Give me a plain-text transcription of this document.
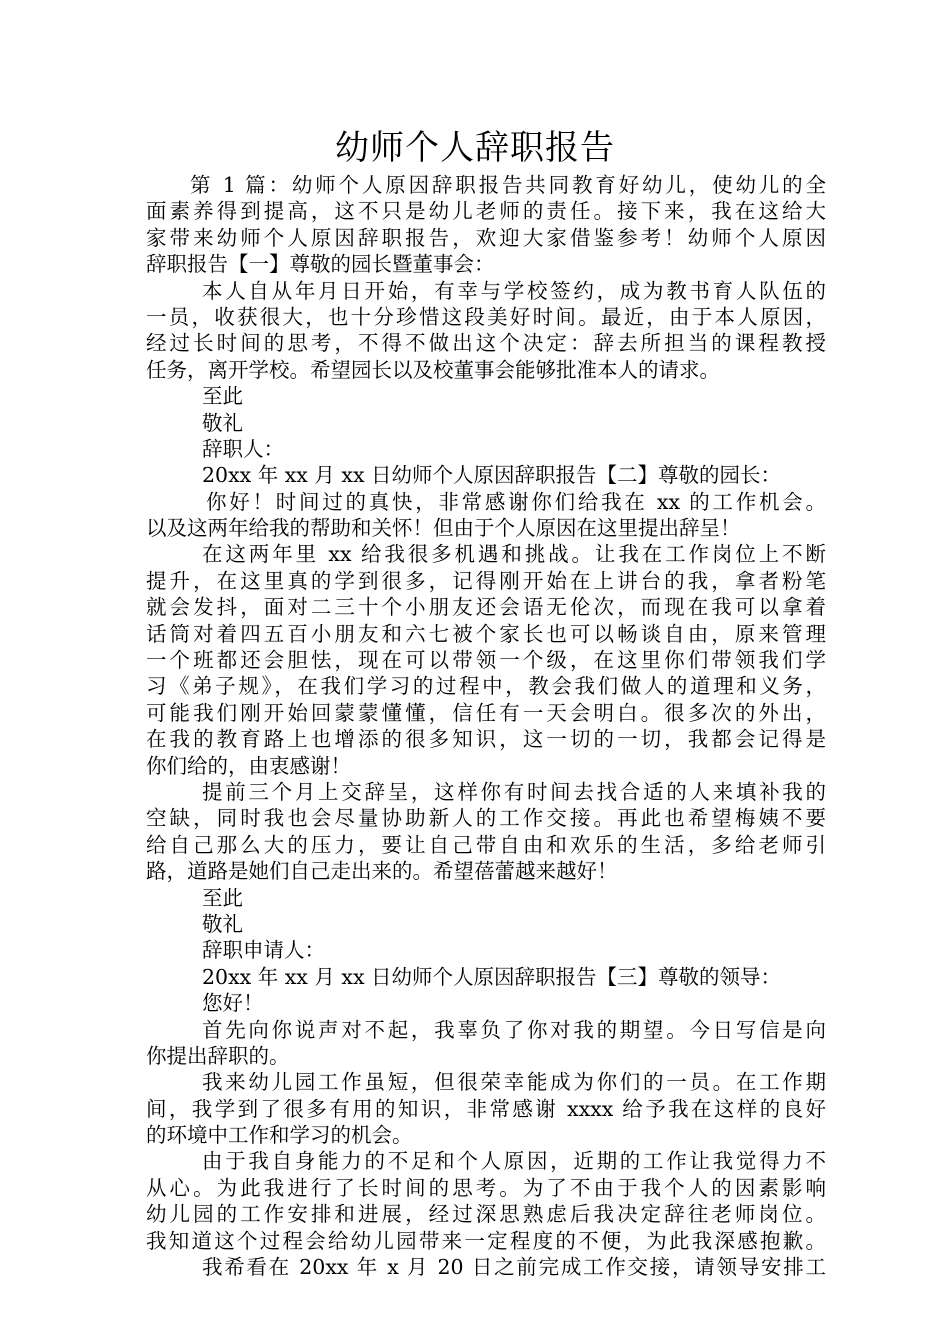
幼师个人辞职报告
第 1 篇：幼师个人原因辞职报告共同教育好幼儿，使幼儿的全
面素养得到提高，这不只是幼儿老师的责任。接下来，我在这给大
家带来幼师个人原因辞职报告，欢迎大家借鉴参考！幼师个人原因
辞职报告【一】尊敬的园长暨董事会：
本人自从年月日开始，有幸与学校签约，成为教书育人队伍的
一员，收获很大，也十分珍惜这段美好时间。最近，由于本人原因，
经过长时间的思考，不得不做出这个决定：辞去所担当的课程教授
任务，离开学校。希望园长以及校董事会能够批准本人的请求。
至此
敬礼
辞职人：
20xx 年 xx 月 xx 日幼师个人原因辞职报告【二】尊敬的园长：
你好！时间过的真快，非常感谢你们给我在 xx 的工作机会。
以及这两年给我的帮助和关怀！但由于个人原因在这里提出辞呈！
在这两年里 xx 给我很多机遇和挑战。让我在工作岗位上不断
提升，在这里真的学到很多，记得刚开始在上讲台的我，拿者粉笔
就会发抖，面对二三十个小朋友还会语无伦次，而现在我可以拿着
话筒对着四五百小朋友和六七被个家长也可以畅谈自由，原来管理
一个班都还会胆怯，现在可以带领一个级，在这里你们带领我们学
习《弟子规》，在我们学习的过程中，教会我们做人的道理和义务，
可能我们刚开始回蒙蒙懂懂，信任有一天会明白。很多次的外出，
在我的教育路上也增添的很多知识，这一切的一切，我都会记得是
你们给的，由衷感谢！
提前三个月上交辞呈，这样你有时间去找合适的人来填补我的
空缺，同时我也会尽量协助新人的工作交接。再此也希望梅姨不要
给自己那么大的压力，要让自己带自由和欢乐的生活，多给老师引
路，道路是她们自己走出来的。希望蓓蕾越来越好！
至此
敬礼
辞职申请人：
20xx 年 xx 月 xx 日幼师个人原因辞职报告【三】尊敬的领导：
您好！
首先向你说声对不起，我辜负了你对我的期望。今日写信是向
你提出辞职的。
我来幼儿园工作虽短，但很荣幸能成为你们的一员。在工作期
间，我学到了很多有用的知识，非常感谢 xxxx 给予我在这样的良好
的环境中工作和学习的机会。
由于我自身能力的不足和个人原因，近期的工作让我觉得力不
从心。为此我进行了长时间的思考。为了不由于我个人的因素影响
幼儿园的工作安排和进展，经过深思熟虑后我决定辞往老师岗位。
我知道这个过程会给幼儿园带来一定程度的不便，为此我深感抱歉。
我希看在 20xx 年 x 月 20 日之前完成工作交接，请领导安排工
